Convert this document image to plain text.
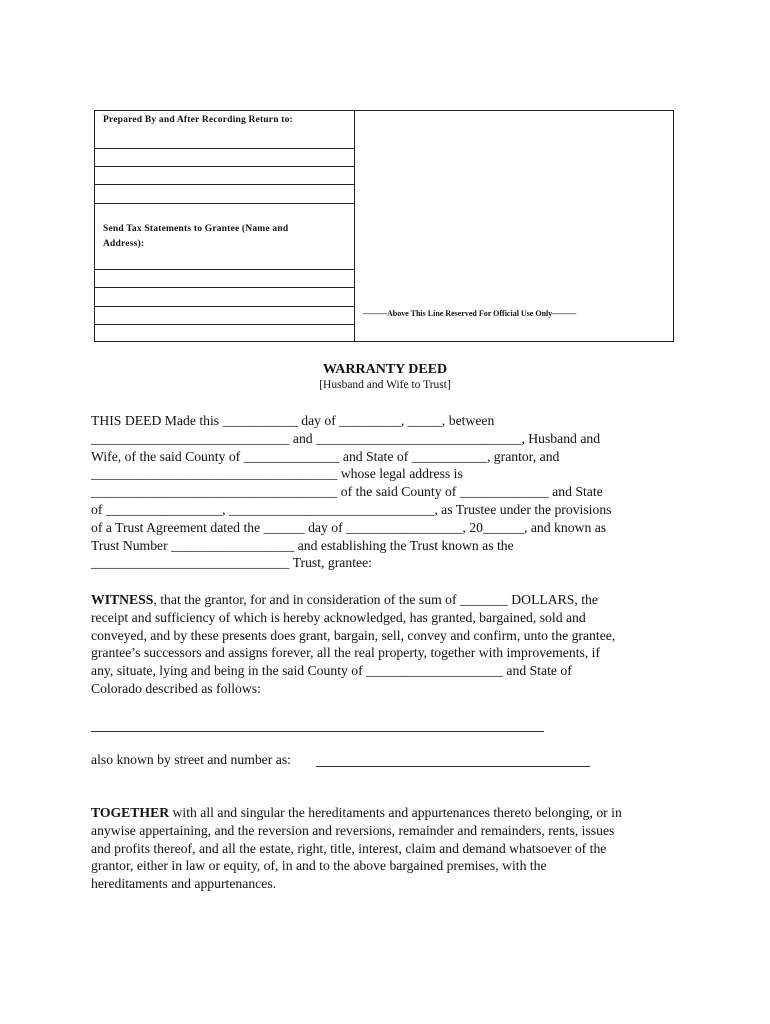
Prepared By and After Recording Return to:
Send Tax Statements to Grantee (Name and
Address):
———Above This Line Reserved For Official Use Only———
WARRANTY DEED
[Husband and Wife to Trust]
THIS DEED Made this ___________ day of _________, _____, between
_____________________________ and ______________________________, Husband and
Wife, of the said County of ______________ and State of ___________, grantor, and
____________________________________ whose legal address is
____________________________________ of the said County of _____________ and State
of _________________, ______________________________, as Trustee under the provisions
of a Trust Agreement dated the ______ day of _________________, 20______, and known as
Trust Number __________________ and establishing the Trust known as the
_____________________________ Trust, grantee:
WITNESS, that the grantor, for and in consideration of the sum of _______ DOLLARS, the
receipt and sufficiency of which is hereby acknowledged, has granted, bargained, sold and
conveyed, and by these presents does grant, bargain, sell, convey and confirm, unto the grantee,
grantee’s successors and assigns forever, all the real property, together with improvements, if
any, situate, lying and being in the said County of ____________________ and State of
Colorado described as follows:
also known by street and number as:
TOGETHER with all and singular the hereditaments and appurtenances thereto belonging, or in
anywise appertaining, and the reversion and reversions, remainder and remainders, rents, issues
and profits thereof, and all the estate, right, title, interest, claim and demand whatsoever of the
grantor, either in law or equity, of, in and to the above bargained premises, with the
hereditaments and appurtenances.
